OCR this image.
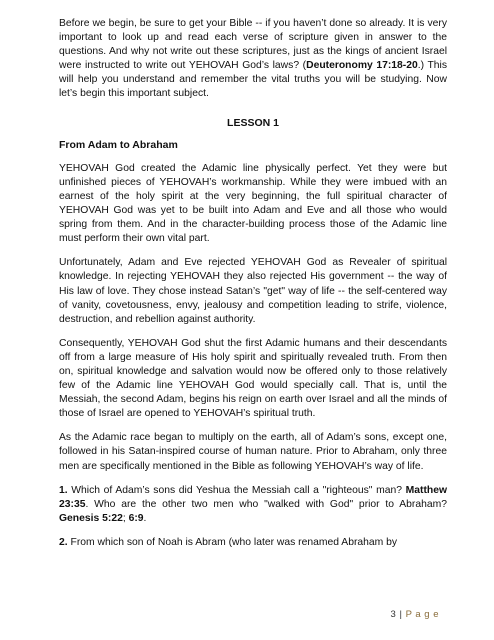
Before we begin, be sure to get your Bible -- if you haven’t done so already. It is very important to look up and read each verse of scripture given in answer to the questions. And why not write out these scriptures, just as the kings of ancient Israel were instructed to write out YEHOVAH God’s laws? (Deuteronomy 17:18-20.) This will help you understand and remember the vital truths you will be studying. Now let’s begin this important subject.

LESSON 1

From Adam to Abraham

YEHOVAH God created the Adamic line physically perfect. Yet they were but unfinished pieces of YEHOVAH’s workmanship. While they were imbued with an earnest of the holy spirit at the very beginning, the full spiritual character of YEHOVAH God was yet to be built into Adam and Eve and all those who would spring from them. And in the character-building process those of the Adamic line must perform their own vital part.

Unfortunately, Adam and Eve rejected YEHOVAH God as Revealer of spiritual knowledge. In rejecting YEHOVAH they also rejected His government -- the way of His law of love. They chose instead Satan’s "get" way of life -- the self-centered way of vanity, covetousness, envy, jealousy and competition leading to strife, violence, destruction, and rebellion against authority.

Consequently, YEHOVAH God shut the first Adamic humans and their descendants off from a large measure of His holy spirit and spiritually revealed truth. From then on, spiritual knowledge and salvation would now be offered only to those relatively few of the Adamic line YEHOVAH God would specially call. That is, until the Messiah, the second Adam, begins his reign on earth over Israel and all the minds of those of Israel are opened to YEHOVAH’s spiritual truth.

As the Adamic race began to multiply on the earth, all of Adam’s sons, except one, followed in his Satan-inspired course of human nature. Prior to Abraham, only three men are specifically mentioned in the Bible as following YEHOVAH’s way of life.

1. Which of Adam’s sons did Yeshua the Messiah call a "righteous" man? Matthew 23:35. Who are the other two men who "walked with God" prior to Abraham? Genesis 5:22; 6:9.

2. From which son of Noah is Abram (who later was renamed Abraham by

3 | P a g e
